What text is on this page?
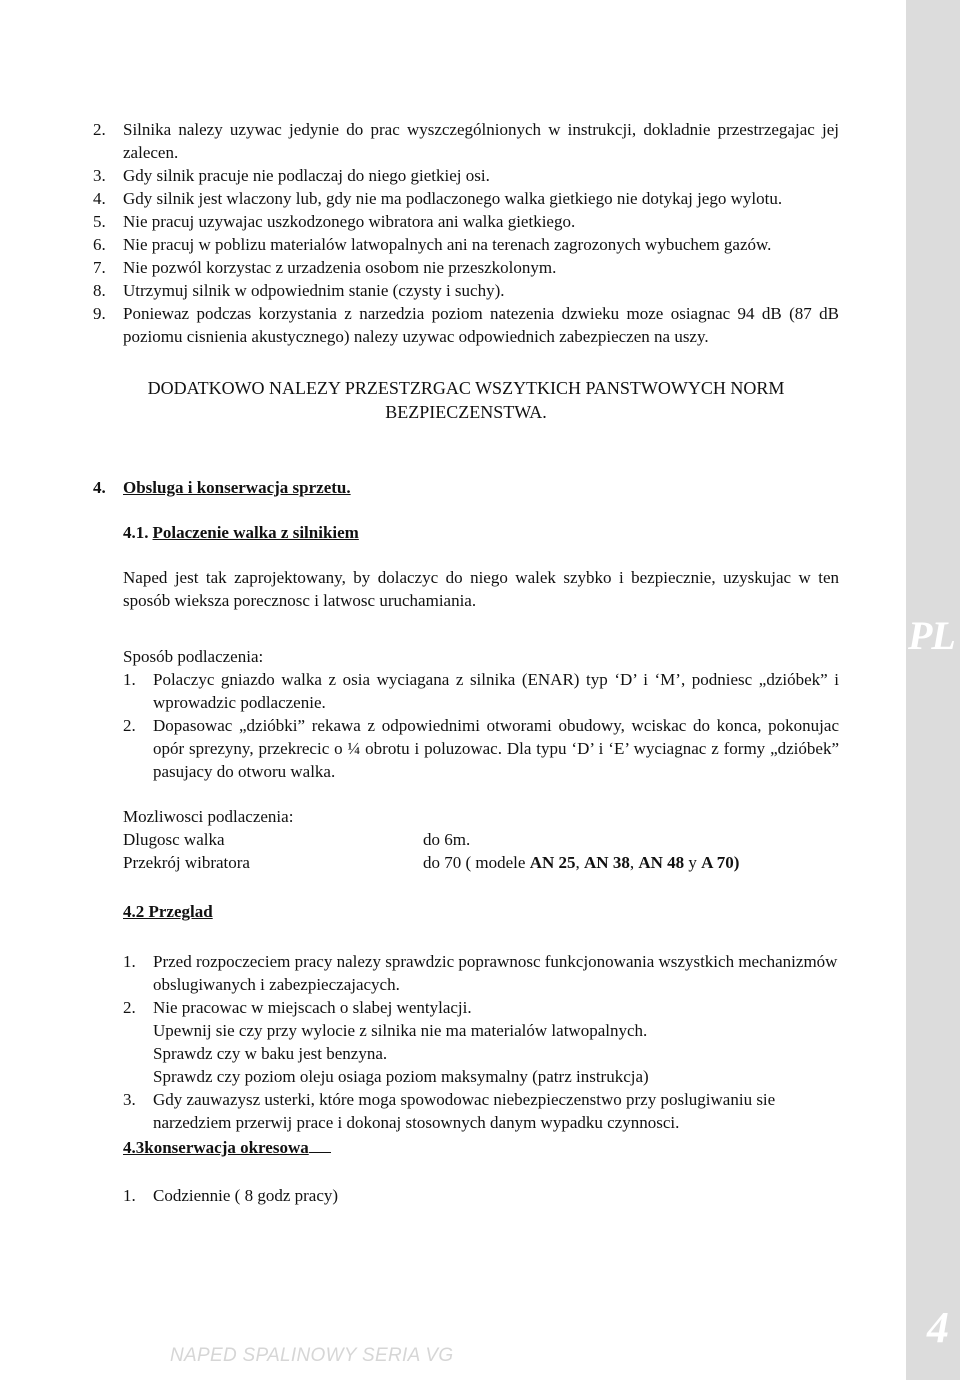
PL
4
NAPED SPALINOWY SERIA VG
2.	Silnika nalezy uzywac jedynie do prac wyszczególnionych w instrukcji, dokladnie przestrzegajac jej zalecen.
3.	Gdy silnik pracuje nie podlaczaj do niego gietkiej osi.
4.	Gdy silnik jest wlaczony lub, gdy nie ma podlaczonego walka gietkiego nie dotykaj jego wylotu.
5.	Nie pracuj uzywajac uszkodzonego wibratora ani walka gietkiego.
6.	Nie pracuj w poblizu materialów latwopalnych ani na terenach zagrozonych wybuchem gazów.
7.	Nie pozwól korzystac z urzadzenia osobom nie przeszkolonym.
8.	Utrzymuj silnik w odpowiednim stanie (czysty i suchy).
9.	Poniewaz podczas korzystania z narzedzia poziom natezenia dzwieku moze osiagnac 94 dB (87 dB poziomu cisnienia akustycznego) nalezy uzywac odpowiednich zabezpieczen na uszy.
DODATKOWO NALEZY PRZESTZRGAC WSZYTKICH PANSTWOWYCH NORM BEZPIECZENSTWA.
4.	Obsluga i konserwacja sprzetu.
4.1. Polaczenie walka z silnikiem
Naped jest tak zaprojektowany, by dolaczyc do niego walek szybko i bezpiecznie, uzyskujac w ten sposób wieksza porecznosc i latwosc uruchamiania.
Sposób podlaczenia:
1.	Polaczyc gniazdo walka z osia wyciagana z silnika (ENAR) typ ‘D’ i ‘M’, podniesc „dzióbek” i wprowadzic podlaczenie.
2.	Dopasowac „dzióbki” rekawa z odpowiednimi otworami obudowy, wciskac do konca, pokonujac opór sprezyny, przekrecic o ¼ obrotu i poluzowac. Dla typu ‘D’ i ‘E’ wyciagnac z formy „dzióbek” pasujacy do otworu walka.
Mozliwosci podlaczenia:
Dlugosc walka	do 6m.
Przekrój wibratora	do 70 ( modele AN 25, AN 38, AN 48 y A 70)
4.2 Przeglad
1.	Przed rozpoczeciem pracy nalezy sprawdzic poprawnosc funkcjonowania wszystkich mechanizmów obslugiwanych i zabezpieczajacych.
2.	Nie pracowac w miejscach o slabej wentylacji.
Upewnij sie czy przy wylocie z silnika nie ma materialów latwopalnych.
Sprawdz czy w baku jest benzyna.
Sprawdz czy poziom oleju osiaga poziom maksymalny (patrz instrukcja)
3.	Gdy zauwazysz usterki, które moga spowodowac niebezpieczenstwo przy poslugiwaniu sie narzedziem przerwij prace i dokonaj stosownych danym wypadku czynnosci.
4.3konserwacja okresowa
1.	Codziennie ( 8 godz pracy)
